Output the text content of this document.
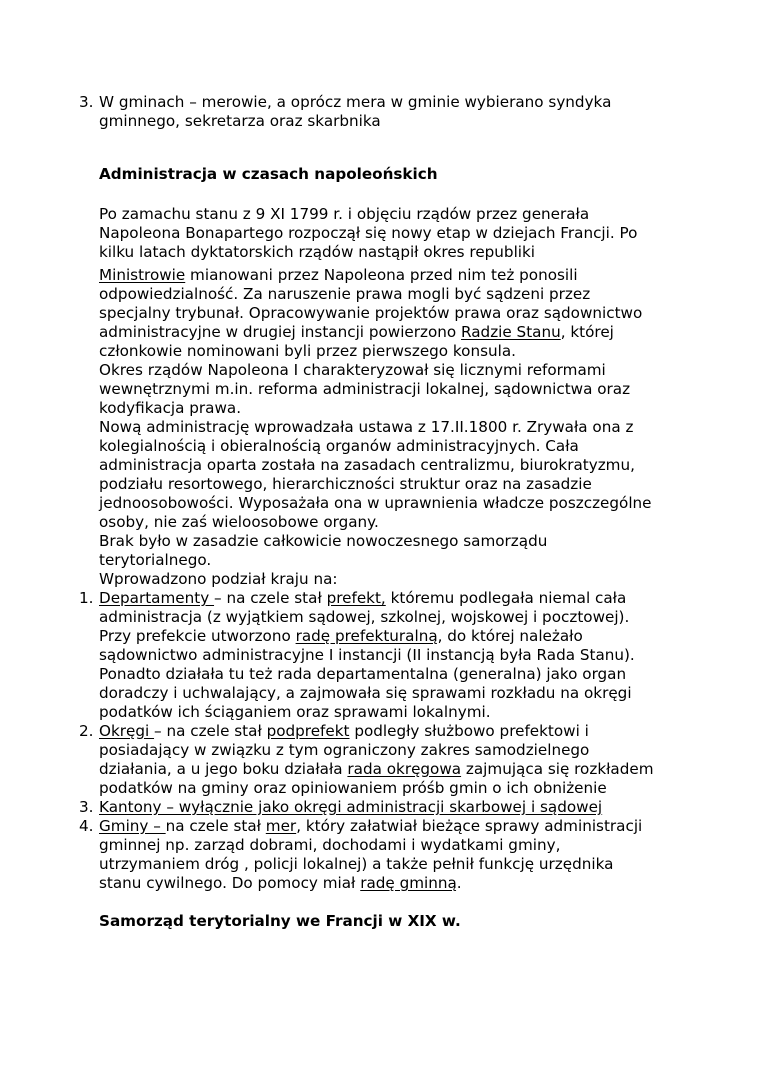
3. W gminach – merowie, a oprócz mera w gminie wybierano syndyka
gminnego, sekretarza oraz skarbnika
Administracja w czasach napoleońskich
Po zamachu stanu z 9 XI 1799 r. i objęciu rządów przez generała
Napoleona Bonapartego rozpoczął się nowy etap w dziejach Francji. Po
kilku latach dyktatorskich rządów nastąpił okres republiki
Ministrowie mianowani przez Napoleona przed nim też ponosili
odpowiedzialność. Za naruszenie prawa mogli być sądzeni przez
specjalny trybunał. Opracowywanie projektów prawa oraz sądownictwo
administracyjne w drugiej instancji powierzono Radzie Stanu, której
członkowie nominowani byli przez pierwszego konsula.
Okres rządów Napoleona I charakteryzował się licznymi reformami
wewnętrznymi m.in. reforma administracji lokalnej, sądownictwa oraz
kodyfikacja prawa.
Nową administrację wprowadzała ustawa z 17.II.1800 r. Zrywała ona z
kolegialnością i obieralnością organów administracyjnych. Cała
administracja oparta została na zasadach centralizmu, biurokratyzmu,
podziału resortowego, hierarchiczności struktur oraz na zasadzie
jednoosobowości. Wyposażała ona w uprawnienia władcze poszczególne
osoby, nie zaś wieloosobowe organy.
Brak było w zasadzie całkowicie nowoczesnego samorządu
terytorialnego.
Wprowadzono podział kraju na:
1. Departamenty – na czele stał prefekt, któremu podlegała niemal cała
administracja (z wyjątkiem sądowej, szkolnej, wojskowej i pocztowej).
Przy prefekcie utworzono radę prefekturalną, do której należało
sądownictwo administracyjne I instancji (II instancją była Rada Stanu).
Ponadto działała tu też rada departamentalna (generalna) jako organ
doradczy i uchwalający, a zajmowała się sprawami rozkładu na okręgi
podatków ich ściąganiem oraz sprawami lokalnymi.
2. Okręgi – na czele stał podprefekt podległy służbowo prefektowi i
posiadający w związku z tym ograniczony zakres samodzielnego
działania, a u jego boku działała rada okręgowa zajmująca się rozkładem
podatków na gminy oraz opiniowaniem próśb gmin o ich obniżenie
3. Kantony – wyłącznie jako okręgi administracji skarbowej i sądowej
4. Gminy – na czele stał mer, który załatwiał bieżące sprawy administracji
gminnej np. zarząd dobrami, dochodami i wydatkami gminy,
utrzymaniem dróg , policji lokalnej) a także pełnił funkcję urzędnika
stanu cywilnego. Do pomocy miał radę gminną.
Samorząd terytorialny we Francji w XIX w.
